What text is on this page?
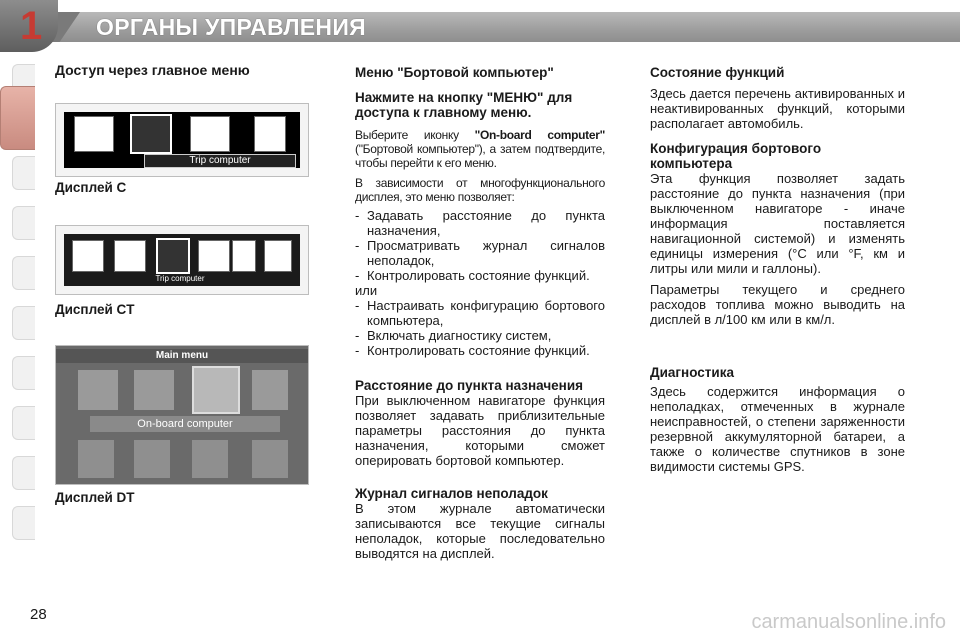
1 ОРГАНЫ УПРАВЛЕНИЯ

Доступ через главное меню

Trip computer

Дисплей C

Trip computer

Дисплей CT

Main menu
On-board computer

Дисплей DT

Меню "Бортовой компьютер"

Нажмите на кнопку "МЕНЮ" для доступа к главному меню.

Выберите иконку "On-board computer" ("Бортовой компьютер"), а затем подтвердите, чтобы перейти к его меню.

В зависимости от многофункционального дисплея, это меню позволяет:

- Задавать расстояние до пункта назначения,
- Просматривать журнал сигналов неполадок,
- Контролировать состояние функций.

или

- Настраивать конфигурацию бортового компьютера,
- Включать диагностику систем,
- Контролировать состояние функций.

Расстояние до пункта назначения

При выключенном навигаторе функция позволяет задавать приблизительные параметры расстояния до пункта назначения, которыми сможет оперировать бортовой компьютер.

Журнал сигналов неполадок

В этом журнале автоматически записываются все текущие сигналы неполадок, которые последовательно выводятся на дисплей.

Состояние функций

Здесь дается перечень активированных и неактивированных функций, которыми располагает автомобиль.

Конфигурация бортового компьютера

Эта функция позволяет задать расстояние до пункта назначения (при выключенном навигаторе - иначе информация поставляется навигационной системой) и изменять единицы измерения (°C или °F, км и литры или мили и галлоны).

Параметры текущего и среднего расходов топлива можно выводить на дисплей в л/100 км или в км/л.

Диагностика

Здесь содержится информация о неполадках, отмеченных в журнале неисправностей, о степени заряженности резервной аккумуляторной батареи, а также о количестве спутников в зоне видимости системы GPS.

28	carmanualsonline.info
